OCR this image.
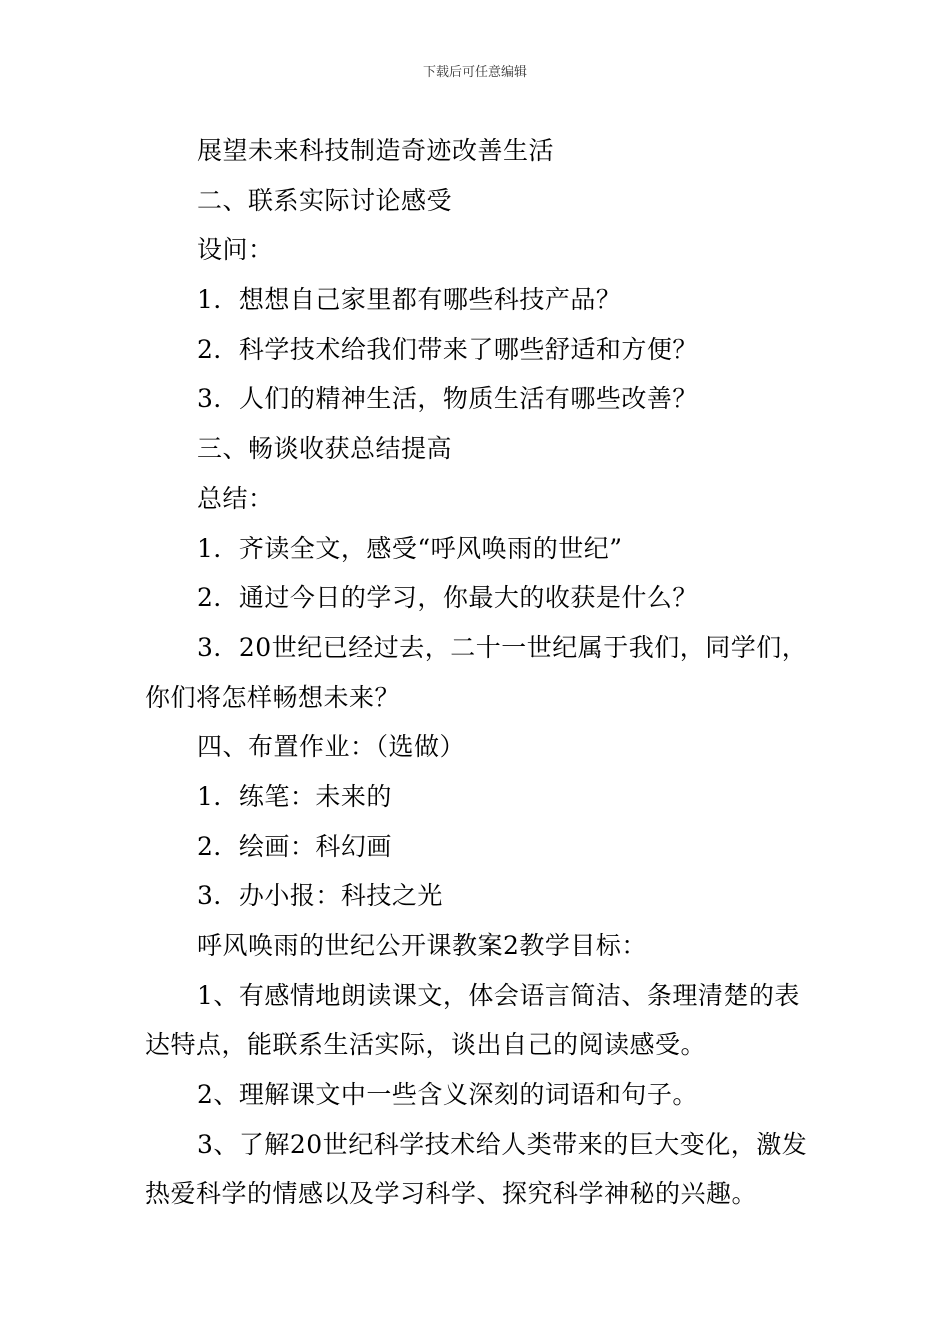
下载后可任意编辑
展望未来科技制造奇迹改善生活
二、联系实际讨论感受
设问：
1．想想自己家里都有哪些科技产品？
2．科学技术给我们带来了哪些舒适和方便？
3．人们的精神生活，物质生活有哪些改善？
三、畅谈收获总结提高
总结：
1．齐读全文，感受“呼风唤雨的世纪”
2．通过今日的学习，你最大的收获是什么？
3．20世纪已经过去，二十一世纪属于我们，同学们，
你们将怎样畅想未来？
四、布置作业：（选做）
1．练笔：未来的
2．绘画：科幻画
3．办小报：科技之光
呼风唤雨的世纪公开课教案2教学目标：
1、有感情地朗读课文，体会语言简洁、条理清楚的表
达特点，能联系生活实际，谈出自己的阅读感受。
2、理解课文中一些含义深刻的词语和句子。
3、了解20世纪科学技术给人类带来的巨大变化，激发
热爱科学的情感以及学习科学、探究科学神秘的兴趣。
